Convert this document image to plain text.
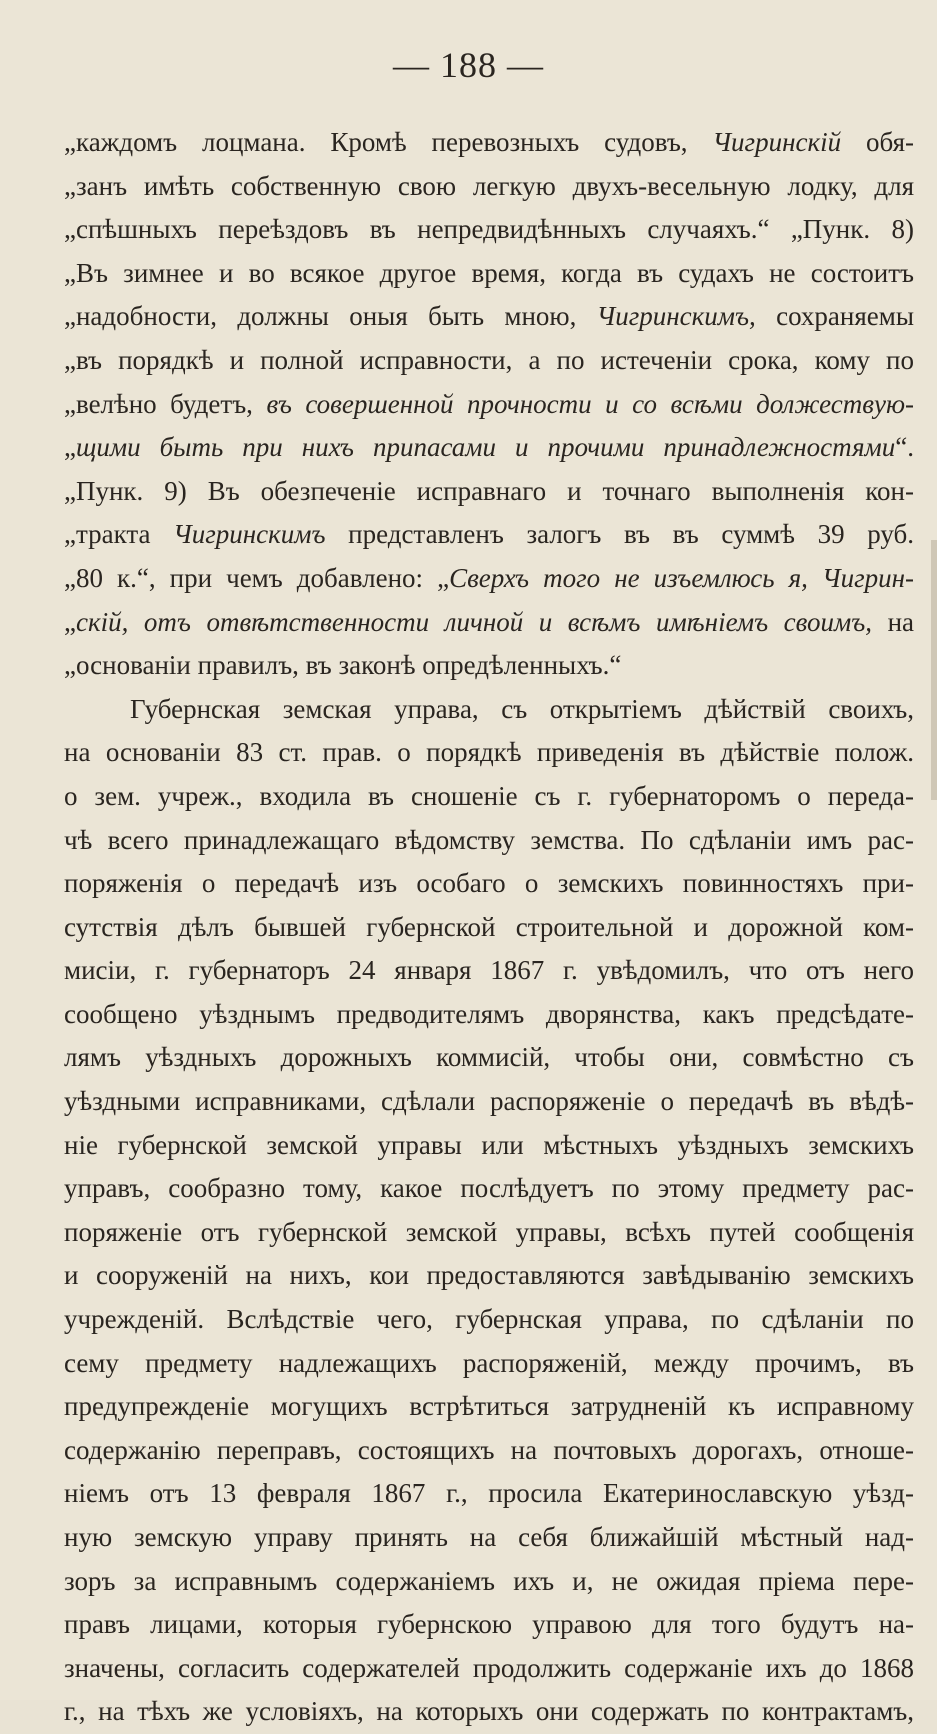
— 188 —
„каждомъ лоцмана. Кромѣ перевозныхъ судовъ, Чигринскій обя-
„занъ имѣть собственную свою легкую двухъ-весельную лодку, для
„спѣшныхъ переѣздовъ въ непредвидѣнныхъ случаяхъ.“ „Пунк. 8)
„Въ зимнее и во всякое другое время, когда въ судахъ не состоитъ
„надобности, должны оныя быть мною, Чигринскимъ, сохраняемы
„въ порядкѣ и полной исправности, а по истеченіи срока, кому по
„велѣно будетъ, въ совершенной прочности и со всѣми должествую-
„щими быть при нихъ припасами и прочими принадлежностями“.
„Пунк. 9) Въ обезпеченіе исправнаго и точнаго выполненія кон-
„тракта Чигринскимъ представленъ залогъ въ въ суммѣ 39 руб.
„80 к.“, при чемъ добавлено: „Сверхъ того не изъемлюсь я, Чигрин-
„скій, отъ отвѣтственности личной и всѣмъ имѣніемъ своимъ, на
„основаніи правилъ, въ законѣ опредѣленныхъ.“
Губернская земская управа, съ открытіемъ дѣйствій своихъ,
на основаніи 83 ст. прав. о порядкѣ приведенія въ дѣйствіе полож.
о зем. учреж., входила въ сношеніе съ г. губернаторомъ о переда-
чѣ всего принадлежащаго вѣдомству земства. По сдѣланіи имъ рас-
поряженія о передачѣ изъ особаго о земскихъ повинностяхъ при-
сутствія дѣлъ бывшей губернской строительной и дорожной ком-
мисіи, г. губернаторъ 24 января 1867 г. увѣдомилъ, что отъ него
сообщено уѣзднымъ предводителямъ дворянства, какъ предсѣдате-
лямъ уѣздныхъ дорожныхъ коммисій, чтобы они, совмѣстно съ
уѣздными исправниками, сдѣлали распоряженіе о передачѣ въ вѣдѣ-
ніе губернской земской управы или мѣстныхъ уѣздныхъ земскихъ
управъ, сообразно тому, какое послѣдуетъ по этому предмету рас-
поряженіе отъ губернской земской управы, всѣхъ путей сообщенія
и сооруженій на нихъ, кои предоставляются завѣдыванію земскихъ
учрежденій. Вслѣдствіе чего, губернская управа, по сдѣланіи по
сему предмету надлежащихъ распоряженій, между прочимъ, въ
предупрежденіе могущихъ встрѣтиться затрудненій къ исправному
содержанію переправъ, состоящихъ на почтовыхъ дорогахъ, отноше-
ніемъ отъ 13 февраля 1867 г., просила Екатеринославскую уѣзд-
ную земскую управу принять на себя ближайшій мѣстный над-
зоръ за исправнымъ содержаніемъ ихъ и, не ожидая пріема пере-
правъ лицами, которыя губернскою управою для того будутъ на-
значены, согласить содержателей продолжить содержаніе ихъ до 1868
г., на тѣхъ же условіяхъ, на которыхъ они содержать по контрактамъ,
